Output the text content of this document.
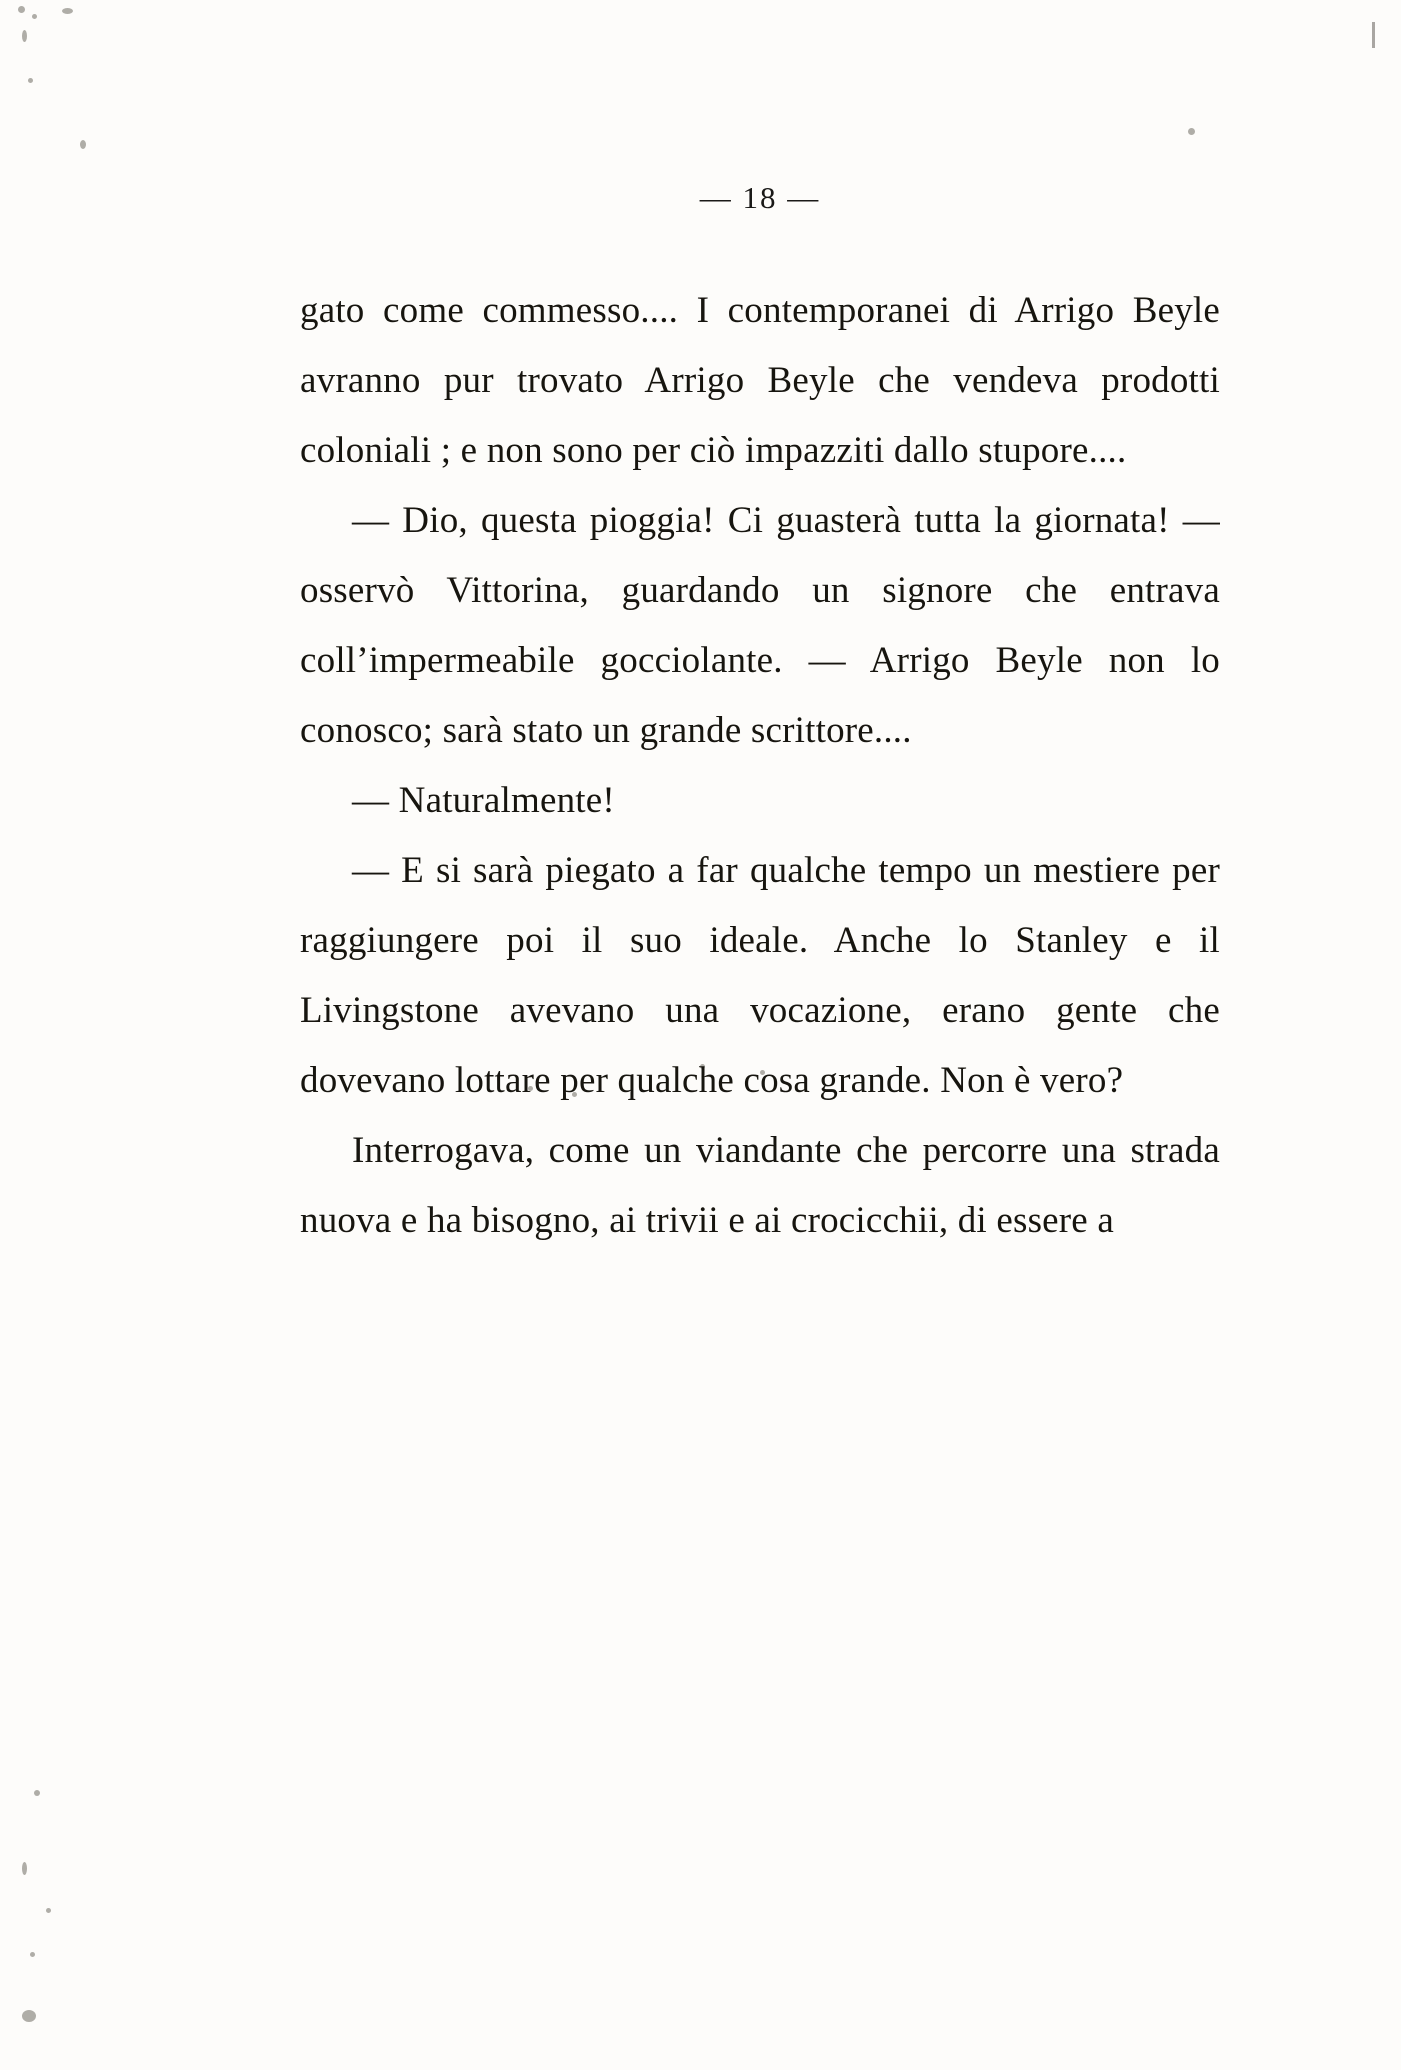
— 18 —

gato come commesso.... I contemporanei di Arrigo Beyle avranno pur trovato Arrigo Beyle che vendeva prodotti coloniali ; e non sono per ciò impazziti dallo stupore....

— Dio, questa pioggia! Ci guasterà tutta la giornata! — osservò Vittorina, guardando un signore che entrava coll’impermeabile gocciolante. — Arrigo Beyle non lo conosco; sarà stato un grande scrittore....

— Naturalmente!

— E si sarà piegato a far qualche tempo un mestiere per raggiungere poi il suo ideale. Anche lo Stanley e il Livingstone avevano una vocazione, erano gente che dovevano lottare per qualche cosa grande. Non è vero?

Interrogava, come un viandante che percorre una strada nuova e ha bisogno, ai trivii e ai crocicchii, di essere a
